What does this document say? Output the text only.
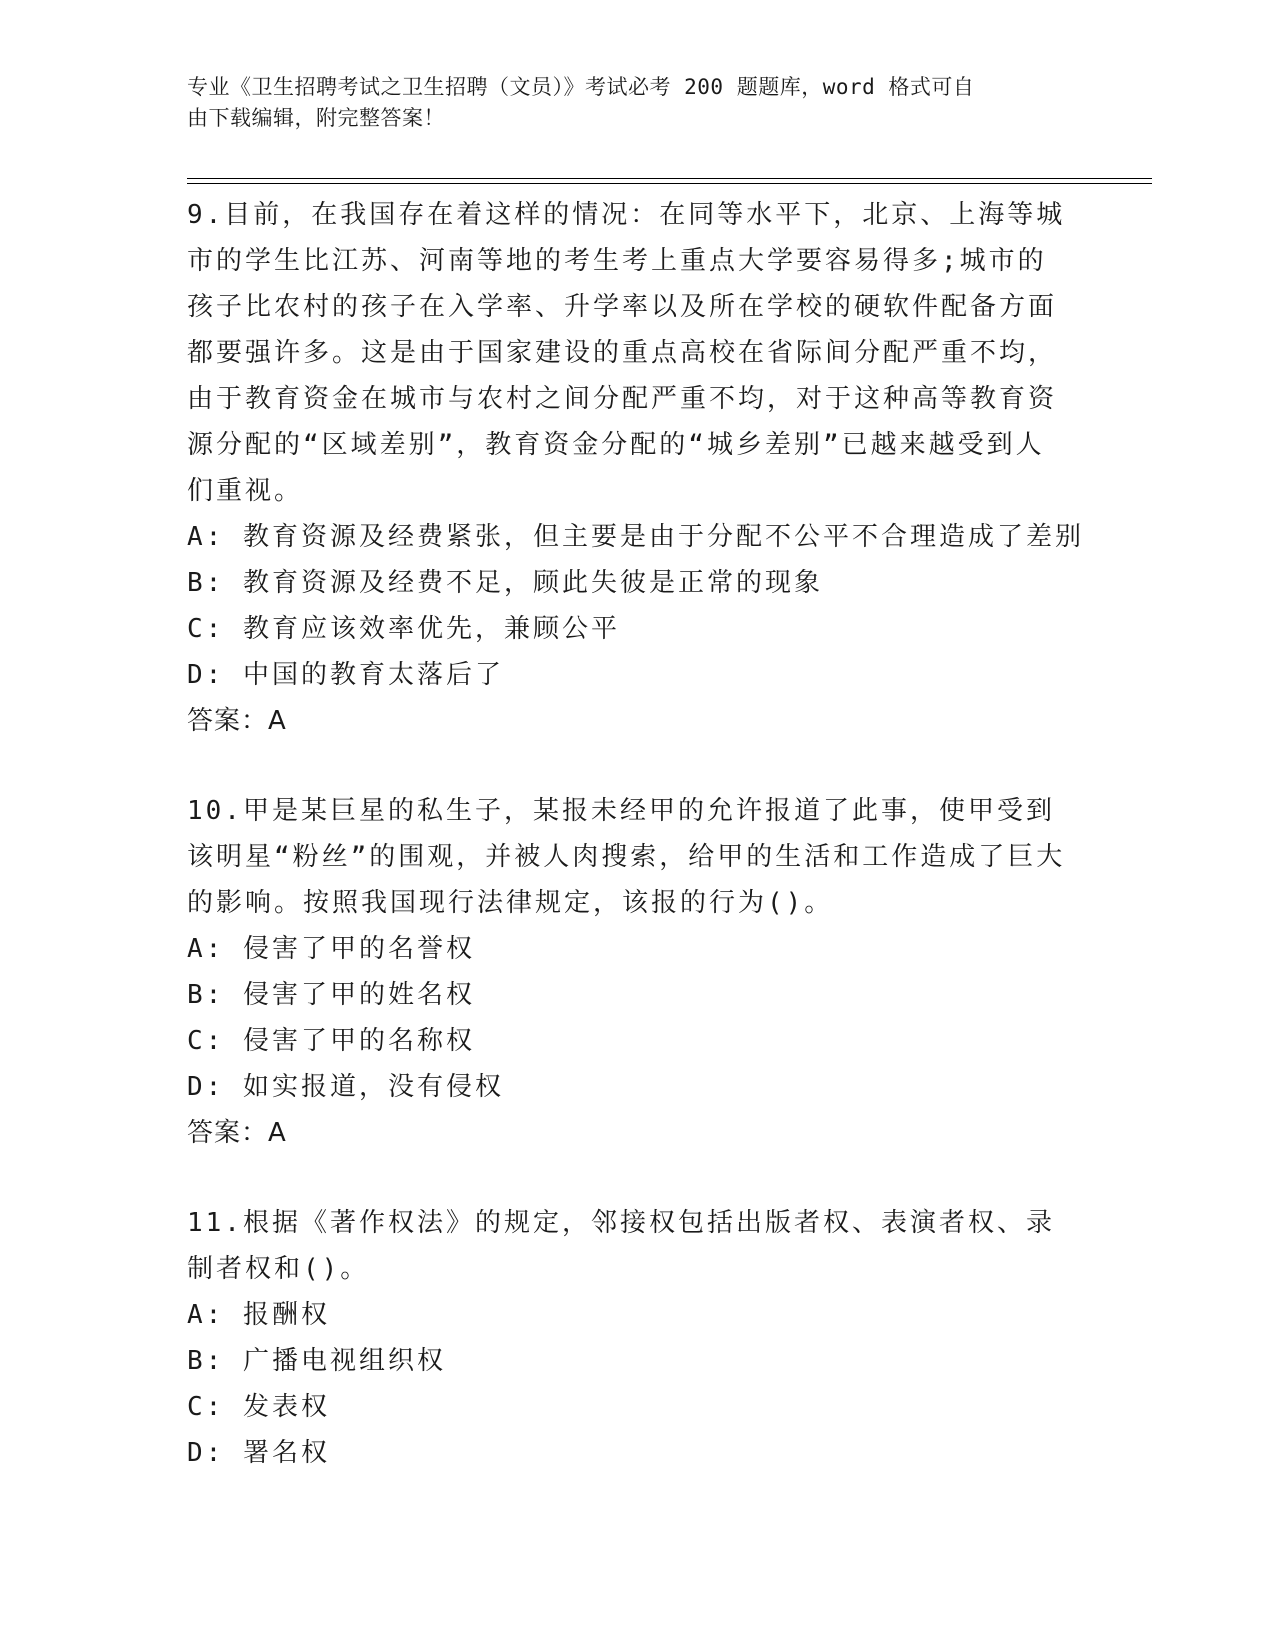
专业《卫生招聘考试之卫生招聘（文员）》考试必考 200 题题库，word 格式可自
由下载编辑，附完整答案！

9.目前，在我国存在着这样的情况：在同等水平下，北京、上海等城市的学生比江苏、河南等地的考生考上重点大学要容易得多;城市的孩子比农村的孩子在入学率、升学率以及所在学校的硬软件配备方面都要强许多。这是由于国家建设的重点高校在省际间分配严重不均，由于教育资金在城市与农村之间分配严重不均，对于这种高等教育资源分配的“区域差别”，教育资金分配的“城乡差别”已越来越受到人们重视。

A: 教育资源及经费紧张，但主要是由于分配不公平不合理造成了差别

B: 教育资源及经费不足，顾此失彼是正常的现象

C: 教育应该效率优先，兼顾公平

D: 中国的教育太落后了

答案：A

10.甲是某巨星的私生子，某报未经甲的允许报道了此事，使甲受到该明星“粉丝”的围观，并被人肉搜索，给甲的生活和工作造成了巨大的影响。按照我国现行法律规定，该报的行为()。

A: 侵害了甲的名誉权

B: 侵害了甲的姓名权

C: 侵害了甲的名称权

D: 如实报道，没有侵权

答案：A

11.根据《著作权法》的规定，邻接权包括出版者权、表演者权、录制者权和()。

A: 报酬权

B: 广播电视组织权

C: 发表权

D: 署名权
